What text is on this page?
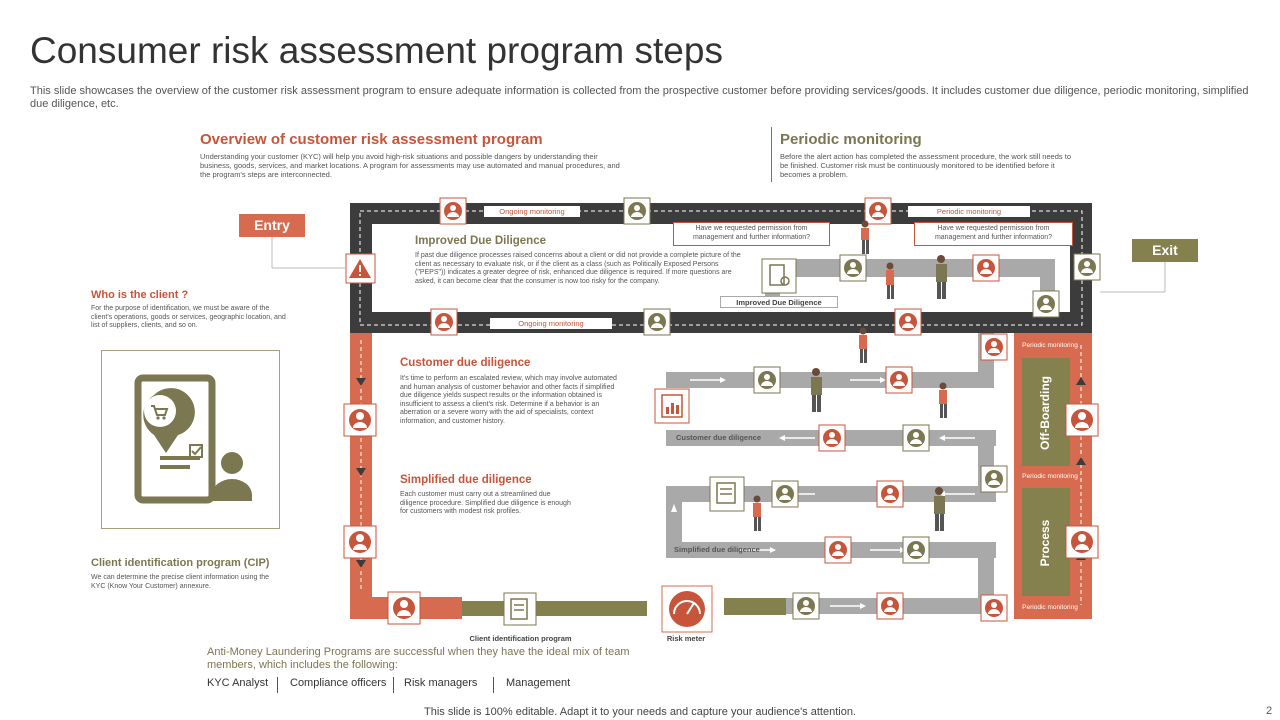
Consumer risk assessment program steps
This slide showcases the overview of the customer risk assessment program to ensure adequate information is collected from the prospective customer before providing services/goods. It includes customer due diligence, periodic monitoring, simplified due diligence, etc.
Overview of customer risk assessment program
Understanding your customer (KYC) will help you avoid high-risk situations and possible dangers by understanding their business, goods, services, and market locations. A program for assessments may use automated and manual procedures, and the program's steps are interconnected.
Periodic monitoring
Before the alert action has completed the assessment procedure, the work still needs to be finished. Customer risk must be continuously monitored to be identified before it becomes a problem.
Entry
Exit
Who is the client ?
For the purpose of identification, we must be aware of the client's operations, goods or services, geographic location, and list of suppliers, clients, and so on.
Client identification program (CIP)
We can determine the precise client information using the KYC (Know Your Customer) annexure.
Improved Due Diligence
If past due diligence processes raised concerns about a client or did not provide a complete picture of the client as necessary to evaluate risk, or if the client as a class (such as Politically Exposed Persons ("PEPS")) indicates a greater degree of risk, enhanced due diligence is required. If more questions are asked, it can become clear that the consumer is now too risky for the company.
Improved Due Diligence
Ongoing monitoring
Ongoing monitoring
Periodic monitoring
Have we requested permission from management and further information?
Have we requested permission from management and further information?
Periodic monitoring
Periodic monitoring
Periodic monitoring
Off-Boarding
Process
Customer due diligence
It's time to perform an escalated review, which may involve automated and human analysis of customer behavior and other facts if simplified due diligence yields suspect results or the information obtained is insufficient to assess a client's risk. Determine if a behavior is an aberration or a severe worry with the aid of specialists, context information, and customer history.
Customer due diligence
Simplified due diligence
Each customer must carry out a streamlined due diligence procedure. Simplified due diligence is enough for customers with modest risk profiles.
Simplified due diligence
Client identification program	Risk meter
Anti-Money Laundering Programs are successful when they have the ideal mix of team members, which includes the following:
KYC Analyst Compliance officers Risk managers	Management
This slide is 100% editable. Adapt it to your needs and capture your audience's attention.	2
